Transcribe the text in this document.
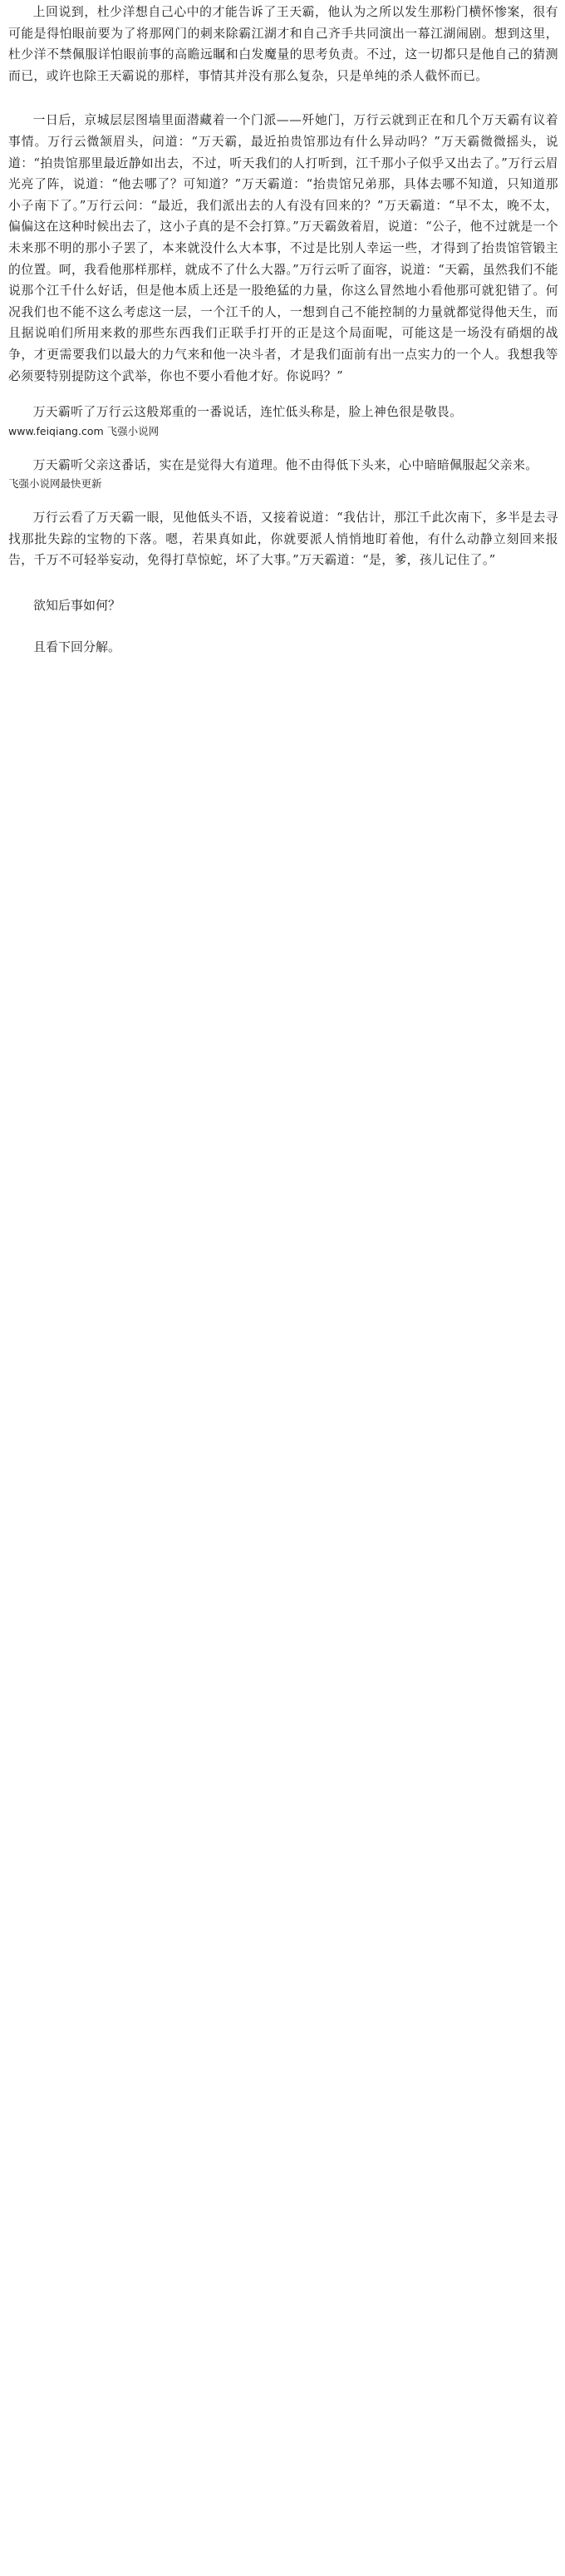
上回说到，杜少洋想自己心中的才能告诉了王天霸，他认为之所以发生那粉门横怀惨案，很有可能是得怕眼前要为了将那网门的刺来除霸江湖才和自己齐手共同演出一幕江湖闹剧。想到这里，杜少洋不禁佩服详怕眼前事的高瞻远瞩和白发魔量的思考负责。不过，这一切都只是他自己的猜测而已，或许也除王天霸说的那样，事情其并没有那么复杂，只是单纯的杀人截怀而已。

一日后，京城层层图墙里面潜藏着一个门派——歼她门，万行云就到正在和几个万天霸有议着事情。万行云微颔眉头，问道：“万天霸，最近拍贵馆那边有什么异动吗？”万天霸微微摇头，说道：“拍贵馆那里最近静如出去，不过，听天我们的人打听到，江千那小子似乎又出去了。”万行云眉光亮了阵，说道：“他去哪了？可知道？”万天霸道：“抬贵馆兄弟那，具体去哪不知道，只知道那小子南下了。”万行云问：“最近，我们派出去的人有没有回来的？”万天霸道：“早不太，晚不太，偏偏这在这种时候出去了，这小子真的是不会打算。”万天霸敛着眉，说道：“公子，他不过就是一个未来那不明的那小子罢了，本来就没什么大本事，不过是比别人幸运一些，才得到了抬贵馆管锻主的位置。呵，我看他那样那样，就成不了什么大器。”万行云听了面容，说道：“天霸，虽然我们不能说那个江千什么好话，但是他本质上还是一股绝猛的力量，你这么冒然地小看他那可就犯错了。何况我们也不能不这么考虑这一层，一个江千的人，一想到自己不能控制的力量就都觉得他天生，而且据说咱们所用来救的那些东西我们正联手打开的正是这个局面呢，可能这是一场没有硝烟的战争，才更需要我们以最大的力气来和他一决斗者，才是我们面前有出一点实力的一个人。我想我等必须要特别提防这个武举，你也不要小看他才好。你说吗？”

万天霸听了万行云这般郑重的一番说话，连忙低头称是，脸上神色很是敬畏。

www.feiqiang.com 飞强小说网

万天霸听父亲这番话，实在是觉得大有道理。他不由得低下头来，心中暗暗佩服起父亲来。

飞强小说网最快更新

万行云看了万天霸一眼，见他低头不语，又接着说道：“我估计，那江千此次南下，多半是去寻找那批失踪的宝物的下落。嗯，若果真如此，你就要派人悄悄地盯着他，有什么动静立刻回来报告，千万不可轻举妄动，免得打草惊蛇，坏了大事。”万天霸道：“是，爹，孩儿记住了。”

欲知后事如何？

且看下回分解。
